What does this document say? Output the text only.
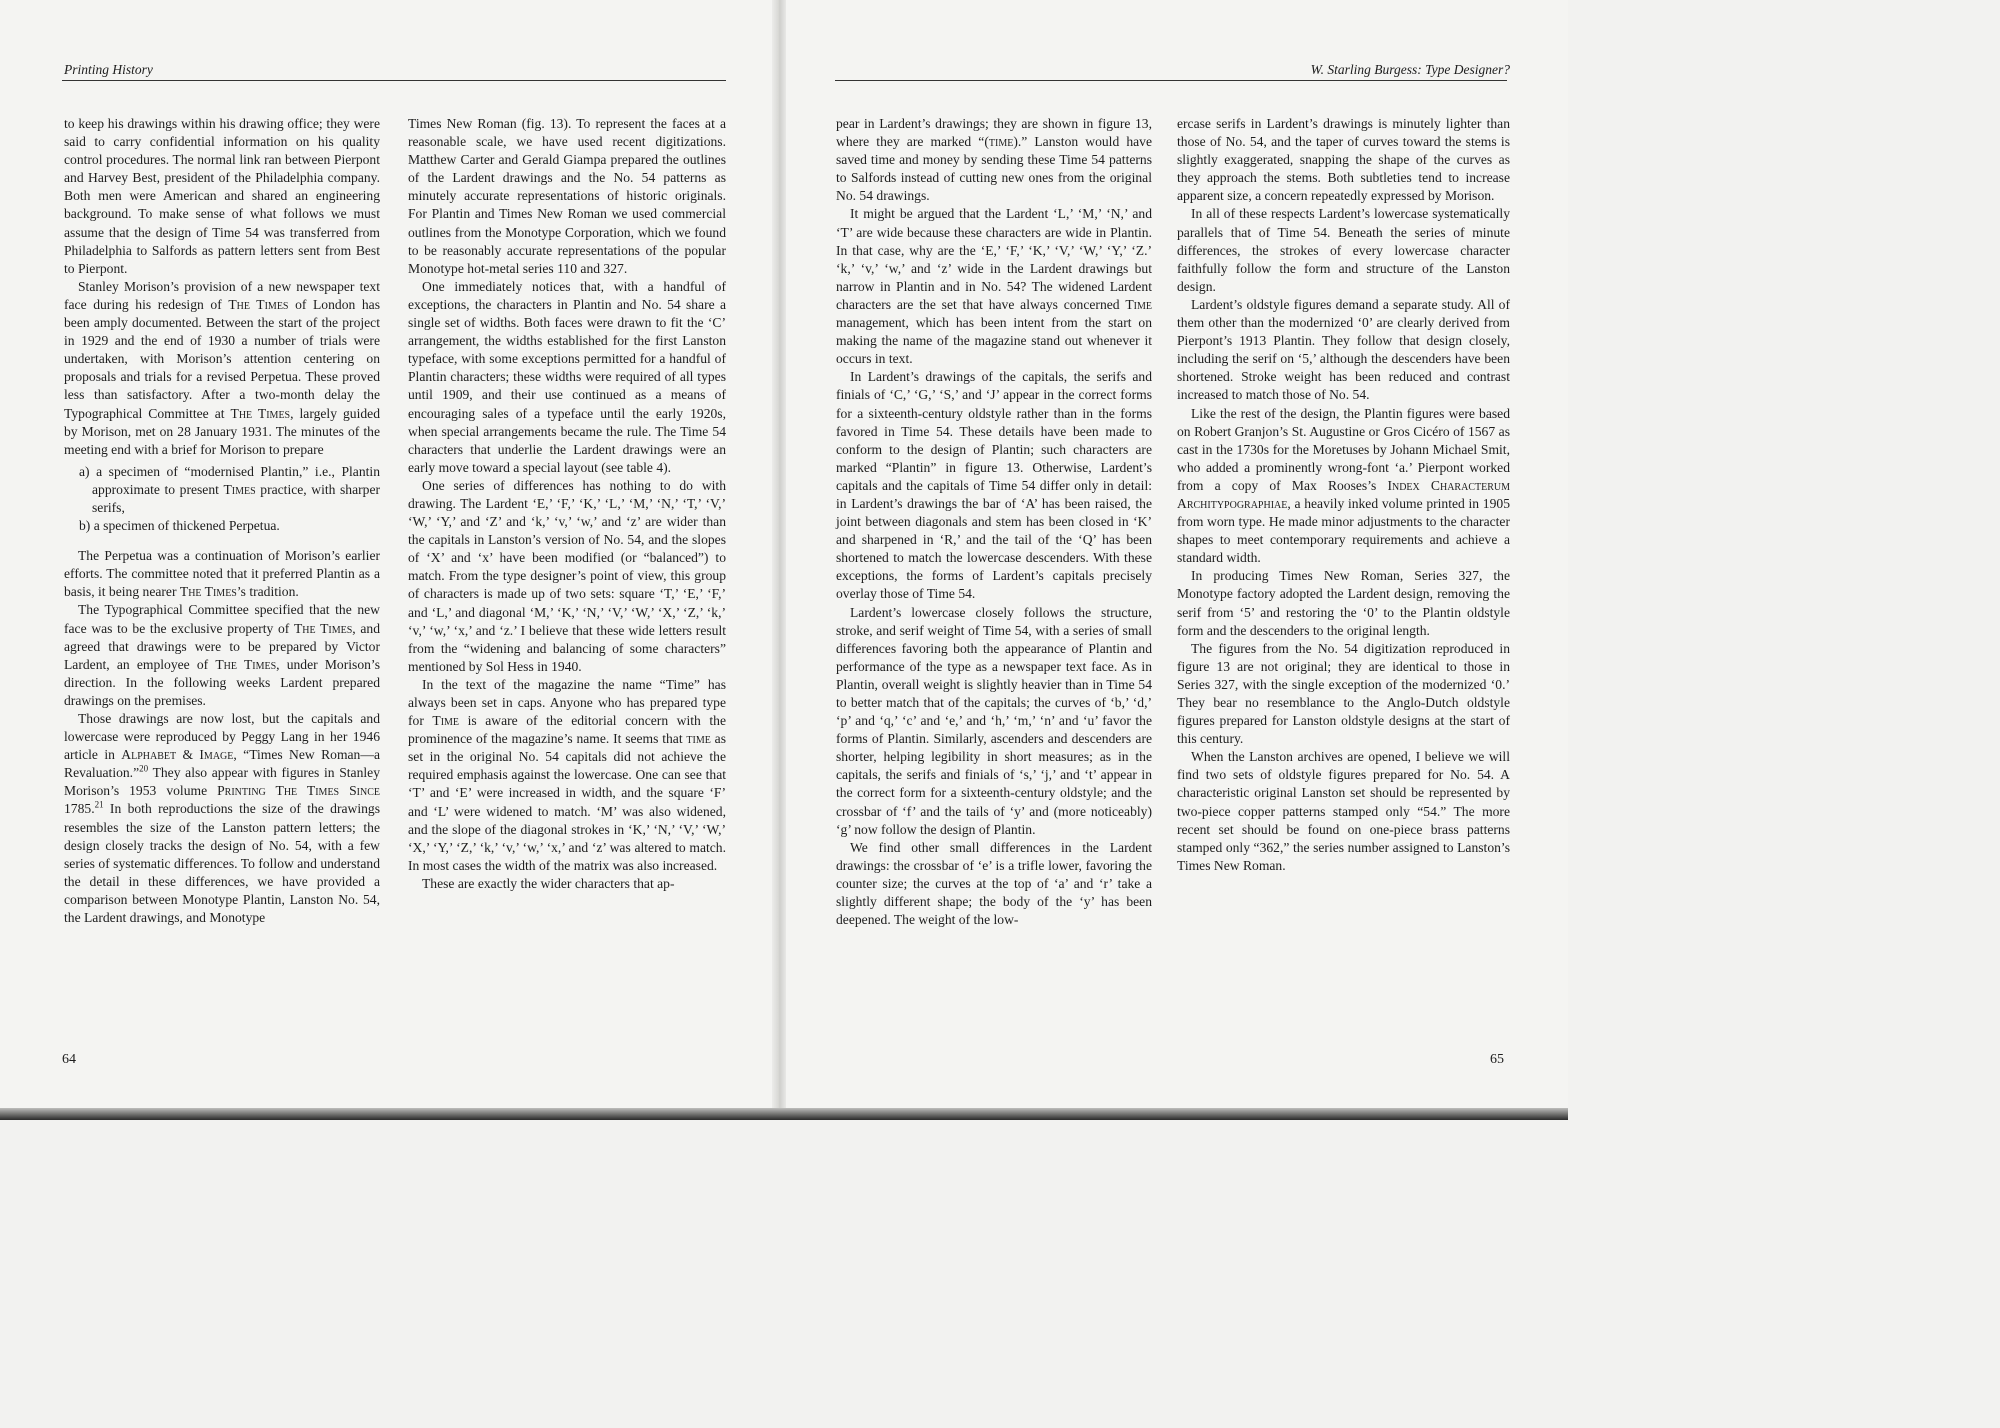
Printing History

to keep his drawings within his drawing office; they were said to carry confidential information on his quality control procedures. The normal link ran between Pierpont and Harvey Best, president of the Philadelphia company. Both men were American and shared an engineering background. To make sense of what follows we must assume that the design of Time 54 was transferred from Philadelphia to Salfords as pattern letters sent from Best to Pierpont.

Stanley Morison’s provision of a new newspaper text face during his redesign of The Times of London has been amply documented. Between the start of the project in 1929 and the end of 1930 a number of trials were undertaken, with Morison’s attention centering on proposals and trials for a revised Perpetua. These proved less than satisfactory. After a two-month delay the Typographical Committee at The Times, largely guided by Morison, met on 28 January 1931. The minutes of the meeting end with a brief for Morison to prepare

a) a specimen of “modernised Plantin,” i.e., Plantin approximate to present Times practice, with sharper serifs,
b) a specimen of thickened Perpetua.

The Perpetua was a continuation of Morison’s earlier efforts. The committee noted that it preferred Plantin as a basis, it being nearer The Times’s tradition.

The Typographical Committee specified that the new face was to be the exclusive property of The Times, and agreed that drawings were to be prepared by Victor Lardent, an employee of The Times, under Morison’s direction. In the following weeks Lardent prepared drawings on the premises.

Those drawings are now lost, but the capitals and lowercase were reproduced by Peggy Lang in her 1946 article in Alphabet & Image, “Times New Roman—a Revaluation.”$^{20}$ They also appear with figures in Stanley Morison’s 1953 volume Printing The Times Since 1785.21 In both reproductions the size of the drawings resembles the size of the Lanston pattern letters; the design closely tracks the design of No. 54, with a few series of systematic differences. To follow and understand the detail in these differences, we have provided a comparison between Monotype Plantin, Lanston No. 54, the Lardent drawings, and Monotype

Times New Roman (fig. 13). To represent the faces at a reasonable scale, we have used recent digitizations. Matthew Carter and Gerald Giampa prepared the outlines of the Lardent drawings and the No. 54 patterns as minutely accurate representations of historic originals. For Plantin and Times New Roman we used commercial outlines from the Monotype Corporation, which we found to be reasonably accurate representations of the popular Monotype hot-metal series 110 and 327.

One immediately notices that, with a handful of exceptions, the characters in Plantin and No. 54 share a single set of widths. Both faces were drawn to fit the ‘C’ arrangement, the widths established for the first Lanston typeface, with some exceptions permitted for a handful of Plantin characters; these widths were required of all types until 1909, and their use continued as a means of encouraging sales of a typeface until the early 1920s, when special arrangements became the rule. The Time 54 characters that underlie the Lardent drawings were an early move toward a special layout (see table 4).

One series of differences has nothing to do with drawing. The Lardent ‘E,’ ‘F,’ ‘K,’ ‘L,’ ‘M,’ ‘N,’ ‘T,’ ‘V,’ ‘W,’ ‘Y,’ and ‘Z’ and ‘k,’ ‘v,’ ‘w,’ and ‘z’ are wider than the capitals in Lanston’s version of No. 54, and the slopes of ‘X’ and ‘x’ have been modified (or “balanced”) to match. From the type designer’s point of view, this group of characters is made up of two sets: square ‘T,’ ‘E,’ ‘F,’ and ‘L,’ and diagonal ‘M,’ ‘K,’ ‘N,’ ‘V,’ ‘W,’ ‘X,’ ‘Z,’ ‘k,’ ‘v,’ ‘w,’ ‘x,’ and ‘z.’ I believe that these wide letters result from the “widening and balancing of some characters” mentioned by Sol Hess in 1940.

In the text of the magazine the name “Time” has always been set in caps. Anyone who has prepared type for Time is aware of the editorial concern with the prominence of the magazine’s name. It seems that time as set in the original No. 54 capitals did not achieve the required emphasis against the lowercase. One can see that ‘T’ and ‘E’ were increased in width, and the square ‘F’ and ‘L’ were widened to match. ‘M’ was also widened, and the slope of the diagonal strokes in ‘K,’ ‘N,’ ‘V,’ ‘W,’ ‘X,’ ‘Y,’ ‘Z,’ ‘k,’ ‘v,’ ‘w,’ ‘x,’ and ‘z’ was altered to match. In most cases the width of the matrix was also increased.

These are exactly the wider characters that ap-

64
W. Starling Burgess: Type Designer?

pear in Lardent’s drawings; they are shown in figure 13, where they are marked “(time).” Lanston would have saved time and money by sending these Time 54 patterns to Salfords instead of cutting new ones from the original No. 54 drawings.

It might be argued that the Lardent ‘L,’ ‘M,’ ‘N,’ and ‘T’ are wide because these characters are wide in Plantin. In that case, why are the ‘E,’ ‘F,’ ‘K,’ ‘V,’ ‘W,’ ‘Y,’ ‘Z.’ ‘k,’ ‘v,’ ‘w,’ and ‘z’ wide in the Lardent drawings but narrow in Plantin and in No. 54? The widened Lardent characters are the set that have always concerned Time management, which has been intent from the start on making the name of the magazine stand out whenever it occurs in text.

In Lardent’s drawings of the capitals, the serifs and finials of ‘C,’ ‘G,’ ‘S,’ and ‘J’ appear in the correct forms for a sixteenth-century oldstyle rather than in the forms favored in Time 54. These details have been made to conform to the design of Plantin; such characters are marked “Plantin” in figure 13. Otherwise, Lardent’s capitals and the capitals of Time 54 differ only in detail: in Lardent’s drawings the bar of ‘A’ has been raised, the joint between diagonals and stem has been closed in ‘K’ and sharpened in ‘R,’ and the tail of the ‘Q’ has been shortened to match the lowercase descenders. With these exceptions, the forms of Lardent’s capitals precisely overlay those of Time 54.

Lardent’s lowercase closely follows the structure, stroke, and serif weight of Time 54, with a series of small differences favoring both the appearance of Plantin and performance of the type as a newspaper text face. As in Plantin, overall weight is slightly heavier than in Time 54 to better match that of the capitals; the curves of ‘b,’ ‘d,’ ‘p’ and ‘q,’ ‘c’ and ‘e,’ and ‘h,’ ‘m,’ ‘n’ and ‘u’ favor the forms of Plantin. Similarly, ascenders and descenders are shorter, helping legibility in short measures; as in the capitals, the serifs and finials of ‘s,’ ‘j,’ and ‘t’ appear in the correct form for a sixteenth-century oldstyle; and the crossbar of ‘f’ and the tails of ‘y’ and (more noticeably) ‘g’ now follow the design of Plantin.

We find other small differences in the Lardent drawings: the crossbar of ‘e’ is a trifle lower, favoring the counter size; the curves at the top of ‘a’ and ‘r’ take a slightly different shape; the body of the ‘y’ has been deepened. The weight of the low-

ercase serifs in Lardent’s drawings is minutely lighter than those of No. 54, and the taper of curves toward the stems is slightly exaggerated, snapping the shape of the curves as they approach the stems. Both subtleties tend to increase apparent size, a concern repeatedly expressed by Morison.

In all of these respects Lardent’s lowercase systematically parallels that of Time 54. Beneath the series of minute differences, the strokes of every lowercase character faithfully follow the form and structure of the Lanston design.

Lardent’s oldstyle figures demand a separate study. All of them other than the modernized ‘0’ are clearly derived from Pierpont’s 1913 Plantin. They follow that design closely, including the serif on ‘5,’ although the descenders have been shortened. Stroke weight has been reduced and contrast increased to match those of No. 54.

Like the rest of the design, the Plantin figures were based on Robert Granjon’s St. Augustine or Gros Cicéro of 1567 as cast in the 1730s for the Moretuses by Johann Michael Smit, who added a prominently wrong-font ‘a.’ Pierpont worked from a copy of Max Rooses’s Index Characterum Architypographiae, a heavily inked volume printed in 1905 from worn type. He made minor adjustments to the character shapes to meet contemporary requirements and achieve a standard width.

In producing Times New Roman, Series 327, the Monotype factory adopted the Lardent design, removing the serif from ‘5’ and restoring the ‘0’ to the Plantin oldstyle form and the descenders to the original length.

The figures from the No. 54 digitization reproduced in figure 13 are not original; they are identical to those in Series 327, with the single exception of the modernized ‘0.’ They bear no resemblance to the Anglo-Dutch oldstyle figures prepared for Lanston oldstyle designs at the start of this century.

When the Lanston archives are opened, I believe we will find two sets of oldstyle figures prepared for No. 54. A characteristic original Lanston set should be represented by two-piece copper patterns stamped only “54.” The more recent set should be found on one-piece brass patterns stamped only “362,” the series number assigned to Lanston’s Times New Roman.

65
